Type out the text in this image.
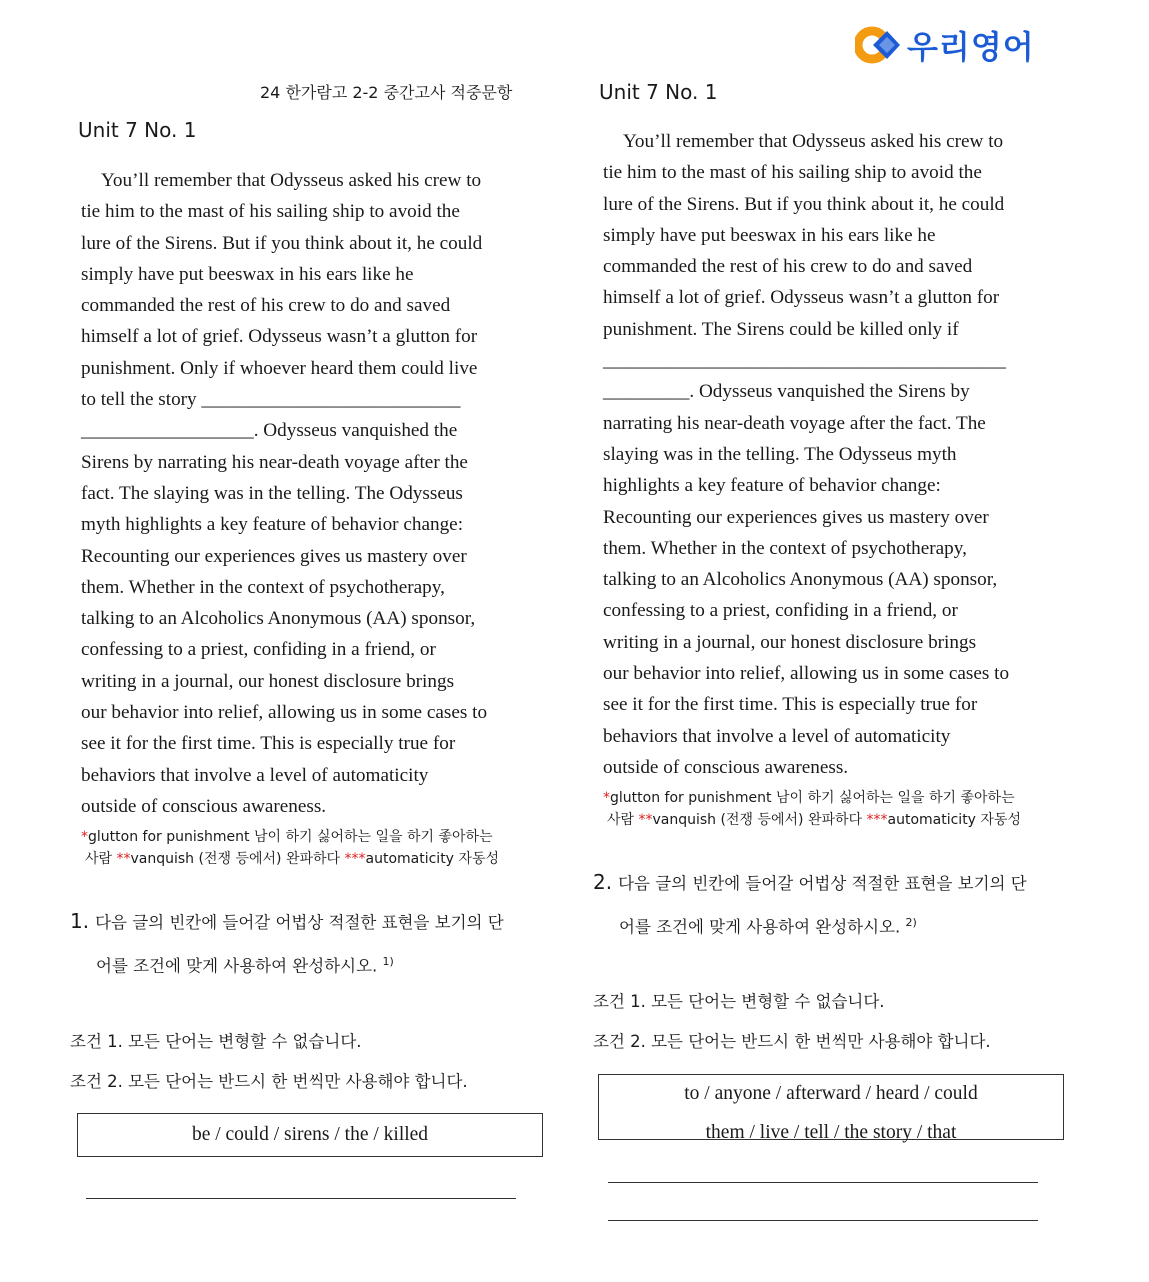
우리영어
24 한가람고 2-2 중간고사 적중문항
Unit 7 No. 1
You’ll remember that Odysseus asked his crew to
tie him to the mast of his sailing ship to avoid the
lure of the Sirens. But if you think about it, he could
simply have put beeswax in his ears like he
commanded the rest of his crew to do and saved
himself a lot of grief. Odysseus wasn’t a glutton for
punishment. Only if whoever heard them could live
to tell the story ___________________________
__________________. Odysseus vanquished the
Sirens by narrating his near-death voyage after the
fact. The slaying was in the telling. The Odysseus
myth highlights a key feature of behavior change:
Recounting our experiences gives us mastery over
them. Whether in the context of psychotherapy,
talking to an Alcoholics Anonymous (AA) sponsor,
confessing to a priest, confiding in a friend, or
writing in a journal, our honest disclosure brings
our behavior into relief, allowing us in some cases to
see it for the first time. This is especially true for
behaviors that involve a level of automaticity
outside of conscious awareness.
*glutton for punishment 남이 하기 싫어하는 일을 하기 좋아하는
사람 **vanquish (전쟁 등에서) 완파하다 ***automaticity 자동성
1. 다음 글의 빈칸에 들어갈 어법상 적절한 표현을 보기의 단
어를 조건에 맞게 사용하여 완성하시오. $^{1)}$
조건 1. 모든 단어는 변형할 수 없습니다.
조건 2. 모든 단어는 반드시 한 번씩만 사용해야 합니다.
be / could / sirens / the / killed
Unit 7 No. 1
You’ll remember that Odysseus asked his crew to
tie him to the mast of his sailing ship to avoid the
lure of the Sirens. But if you think about it, he could
simply have put beeswax in his ears like he
commanded the rest of his crew to do and saved
himself a lot of grief. Odysseus wasn’t a glutton for
punishment. The Sirens could be killed only if
__________________________________________
_________. Odysseus vanquished the Sirens by
narrating his near-death voyage after the fact. The
slaying was in the telling. The Odysseus myth
highlights a key feature of behavior change:
Recounting our experiences gives us mastery over
them. Whether in the context of psychotherapy,
talking to an Alcoholics Anonymous (AA) sponsor,
confessing to a priest, confiding in a friend, or
writing in a journal, our honest disclosure brings
our behavior into relief, allowing us in some cases to
see it for the first time. This is especially true for
behaviors that involve a level of automaticity
outside of conscious awareness.
*glutton for punishment 남이 하기 싫어하는 일을 하기 좋아하는
사람 **vanquish (전쟁 등에서) 완파하다 ***automaticity 자동성
2. 다음 글의 빈칸에 들어갈 어법상 적절한 표현을 보기의 단
어를 조건에 맞게 사용하여 완성하시오. $^{2)}$
조건 1. 모든 단어는 변형할 수 없습니다.
조건 2. 모든 단어는 반드시 한 번씩만 사용해야 합니다.
to / anyone / afterward / heard / could
them / live / tell / the story / that
